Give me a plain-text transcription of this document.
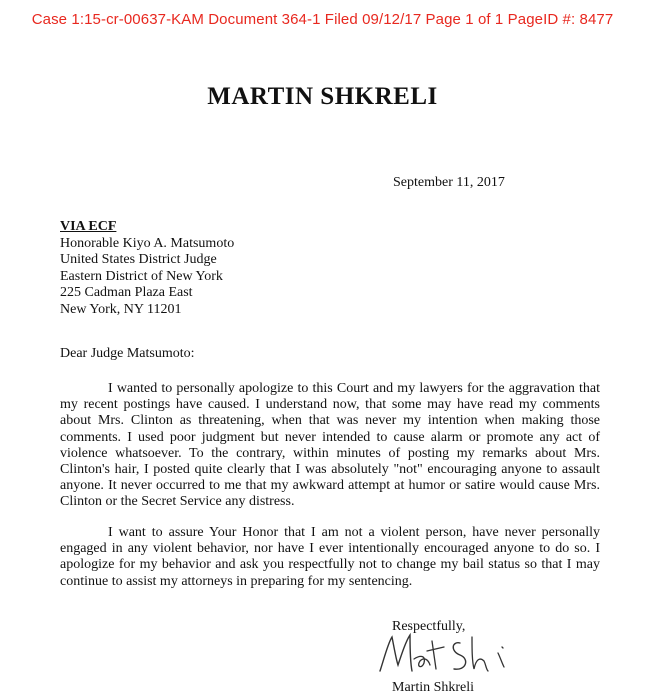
Case 1:15-cr-00637-KAM Document 364-1 Filed 09/12/17 Page 1 of 1 PageID #: 8477
MARTIN SHKRELI
September 11, 2017
VIA ECF
Honorable Kiyo A. Matsumoto
United States District Judge
Eastern District of New York
225 Cadman Plaza East
New York, NY 11201
Dear Judge Matsumoto:

I wanted to personally apologize to this Court and my lawyers for the aggravation that my recent postings have caused. I understand now, that some may have read my comments about Mrs. Clinton as threatening, when that was never my intention when making those comments. I used poor judgment but never intended to cause alarm or promote any act of violence whatsoever. To the contrary, within minutes of posting my remarks about Mrs. Clinton's hair, I posted quite clearly that I was absolutely "not" encouraging anyone to assault anyone. It never occurred to me that my awkward attempt at humor or satire would cause Mrs. Clinton or the Secret Service any distress.

I want to assure Your Honor that I am not a violent person, have never personally engaged in any violent behavior, nor have I ever intentionally encouraged anyone to do so. I apologize for my behavior and ask you respectfully not to change my bail status so that I may continue to assist my attorneys in preparing for my sentencing.

Respectfully,
Martin Shkreli
